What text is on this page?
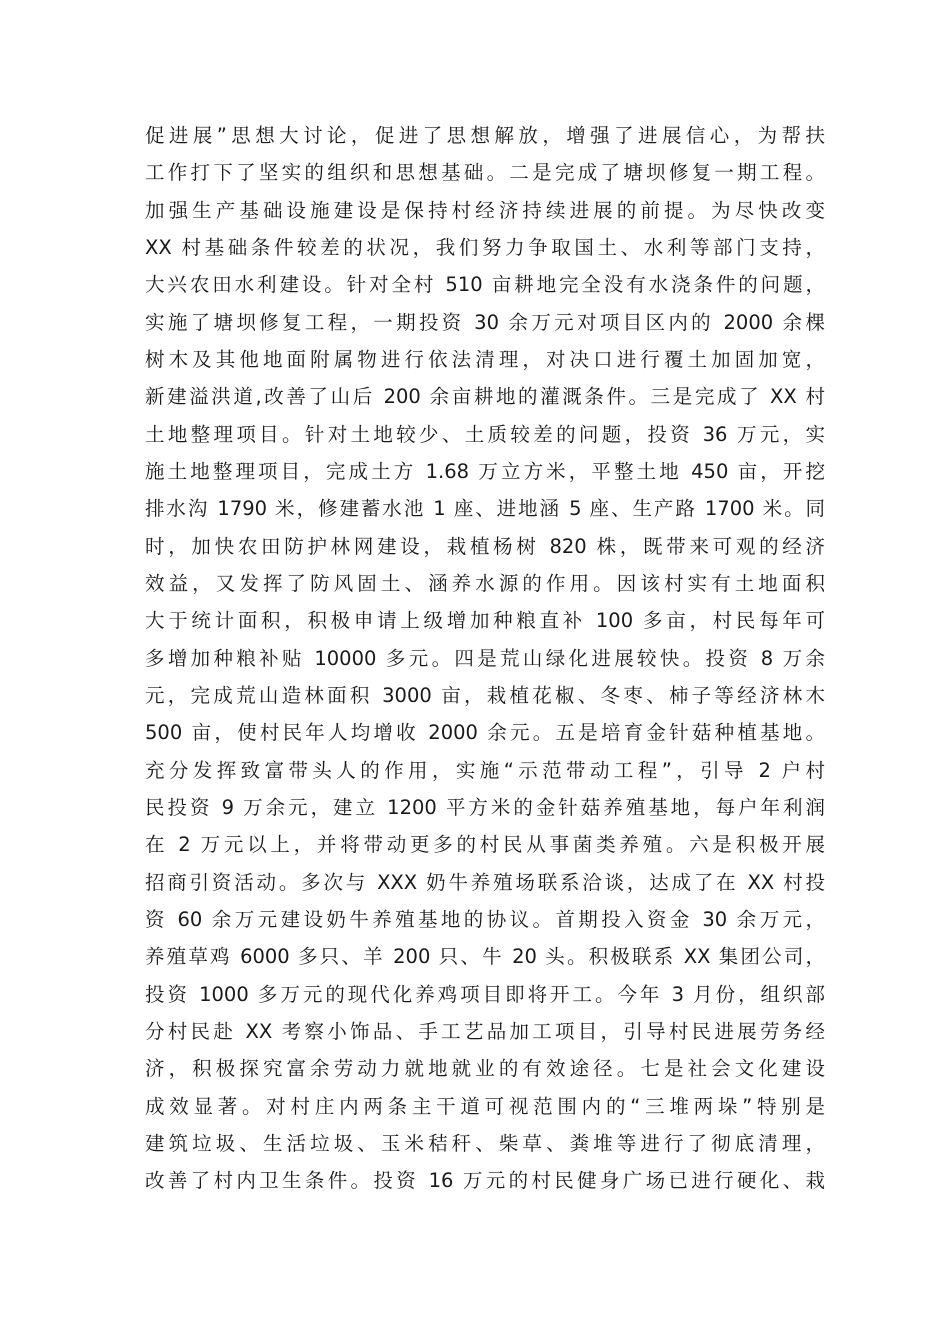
促进展”思想大讨论，促进了思想解放，增强了进展信心，为帮扶
工作打下了坚实的组织和思想基础。二是完成了塘坝修复一期工程。
加强生产基础设施建设是保持村经济持续进展的前提。为尽快改变
XX 村基础条件较差的状况，我们努力争取国土、水利等部门支持，
大兴农田水利建设。针对全村 510 亩耕地完全没有水浇条件的问题，
实施了塘坝修复工程，一期投资 30 余万元对项目区内的 2000 余棵
树木及其他地面附属物进行依法清理，对决口进行覆土加固加宽，
新建溢洪道,改善了山后 200 余亩耕地的灌溉条件。三是完成了 XX 村
土地整理项目。针对土地较少、土质较差的问题，投资 36 万元，实
施土地整理项目，完成土方 1.68 万立方米，平整土地 450 亩，开挖
排水沟 1790 米，修建蓄水池 1 座、进地涵 5 座、生产路 1700 米。同
时，加快农田防护林网建设，栽植杨树 820 株，既带来可观的经济
效益，又发挥了防风固土、涵养水源的作用。因该村实有土地面积
大于统计面积，积极申请上级增加种粮直补 100 多亩，村民每年可
多增加种粮补贴 10000 多元。四是荒山绿化进展较快。投资 8 万余
元，完成荒山造林面积 3000 亩，栽植花椒、冬枣、柿子等经济林木
500 亩，使村民年人均增收 2000 余元。五是培育金针菇种植基地。
充分发挥致富带头人的作用，实施“示范带动工程”，引导 2 户村
民投资 9 万余元，建立 1200 平方米的金针菇养殖基地，每户年利润
在 2 万元以上，并将带动更多的村民从事菌类养殖。六是积极开展
招商引资活动。多次与 XXX 奶牛养殖场联系洽谈，达成了在 XX 村投
资 60 余万元建设奶牛养殖基地的协议。首期投入资金 30 余万元，
养殖草鸡 6000 多只、羊 200 只、牛 20 头。积极联系 XX 集团公司，
投资 1000 多万元的现代化养鸡项目即将开工。今年 3 月份，组织部
分村民赴 XX 考察小饰品、手工艺品加工项目，引导村民进展劳务经
济，积极探究富余劳动力就地就业的有效途径。七是社会文化建设
成效显著。对村庄内两条主干道可视范围内的“三堆两垛”特别是
建筑垃圾、生活垃圾、玉米秸秆、柴草、粪堆等进行了彻底清理，
改善了村内卫生条件。投资 16 万元的村民健身广场已进行硬化、栽
